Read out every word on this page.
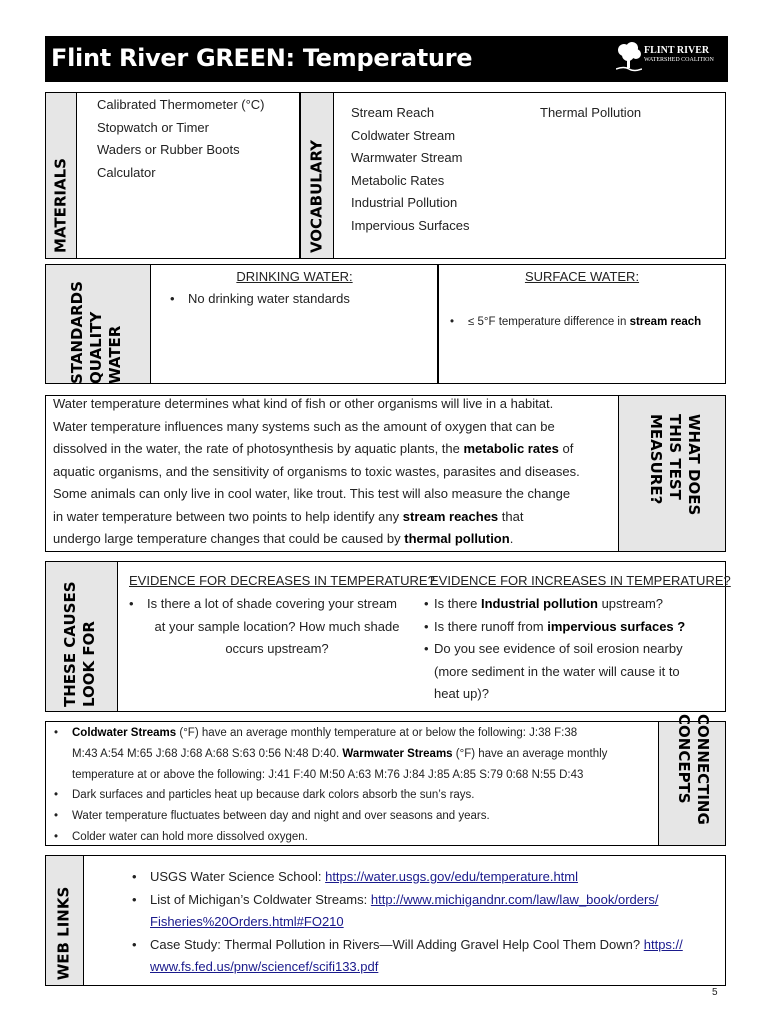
Flint River GREEN: Temperature	FLINT RIVER
WATERSHED COALITION
MATERIALS
Calibrated Thermometer (°C)
Stopwatch or Timer
Waders or Rubber Boots
Calculator	VOCABULARY
Stream Reach
Coldwater Stream
Warmwater Stream
Metabolic Rates
Industrial Pollution
Impervious Surfaces
Thermal Pollution
STANDARDS QUALITY WATER
DRINKING WATER:
• No drinking water standards
SURFACE WATER:
• ≤ 5°F temperature difference in stream reach
WHAT DOES
THIS TEST
MEASURE?
Water temperature determines what kind of fish or other organisms will live in a habitat.
Water temperature influences many systems such as the amount of oxygen that can be
dissolved in the water, the rate of photosynthesis by aquatic plants, the metabolic rates of
aquatic organisms, and the sensitivity of organisms to toxic wastes, parasites and diseases.
Some animals can only live in cool water, like trout. This test will also measure the change
in water temperature between two points to help identify any stream reaches that
undergo large temperature changes that could be caused by thermal pollution.
THESE CAUSES LOOK FOR
EVIDENCE FOR DECREASES IN TEMPERATURE?
• Is there a lot of shade covering your stream
at your sample location? How much shade
occurs upstream?
EVIDENCE FOR INCREASES IN TEMPERATURE?
• Is there Industrial pollution upstream?
• Is there runoff from impervious surfaces ?
• Do you see evidence of soil erosion nearby
(more sediment in the water will cause it to
heat up)?
CONNECTING
CONCEPTS
• Coldwater Streams (°F) have an average monthly temperature at or below the following: J:38 F:38
M:43 A:54 M:65 J:68 J:68 A:68 S:63 0:56 N:48 D:40. Warmwater Streams (°F) have an average monthly
temperature at or above the following: J:41 F:40 M:50 A:63 M:76 J:84 J:85 A:85 S:79 0:68 N:55 D:43
• Dark surfaces and particles heat up because dark colors absorb the sun’s rays.
• Water temperature fluctuates between day and night and over seasons and years.
• Colder water can hold more dissolved oxygen.
WEB LINKS
• USGS Water Science School: https://water.usgs.gov/edu/temperature.html
• List of Michigan’s Coldwater Streams: http://www.michigandnr.com/law/law_book/orders/
Fisheries%20Orders.html#FO210
• Case Study: Thermal Pollution in Rivers—Will Adding Gravel Help Cool Them Down? https://
www.fs.fed.us/pnw/sciencef/scifi133.pdf
5
